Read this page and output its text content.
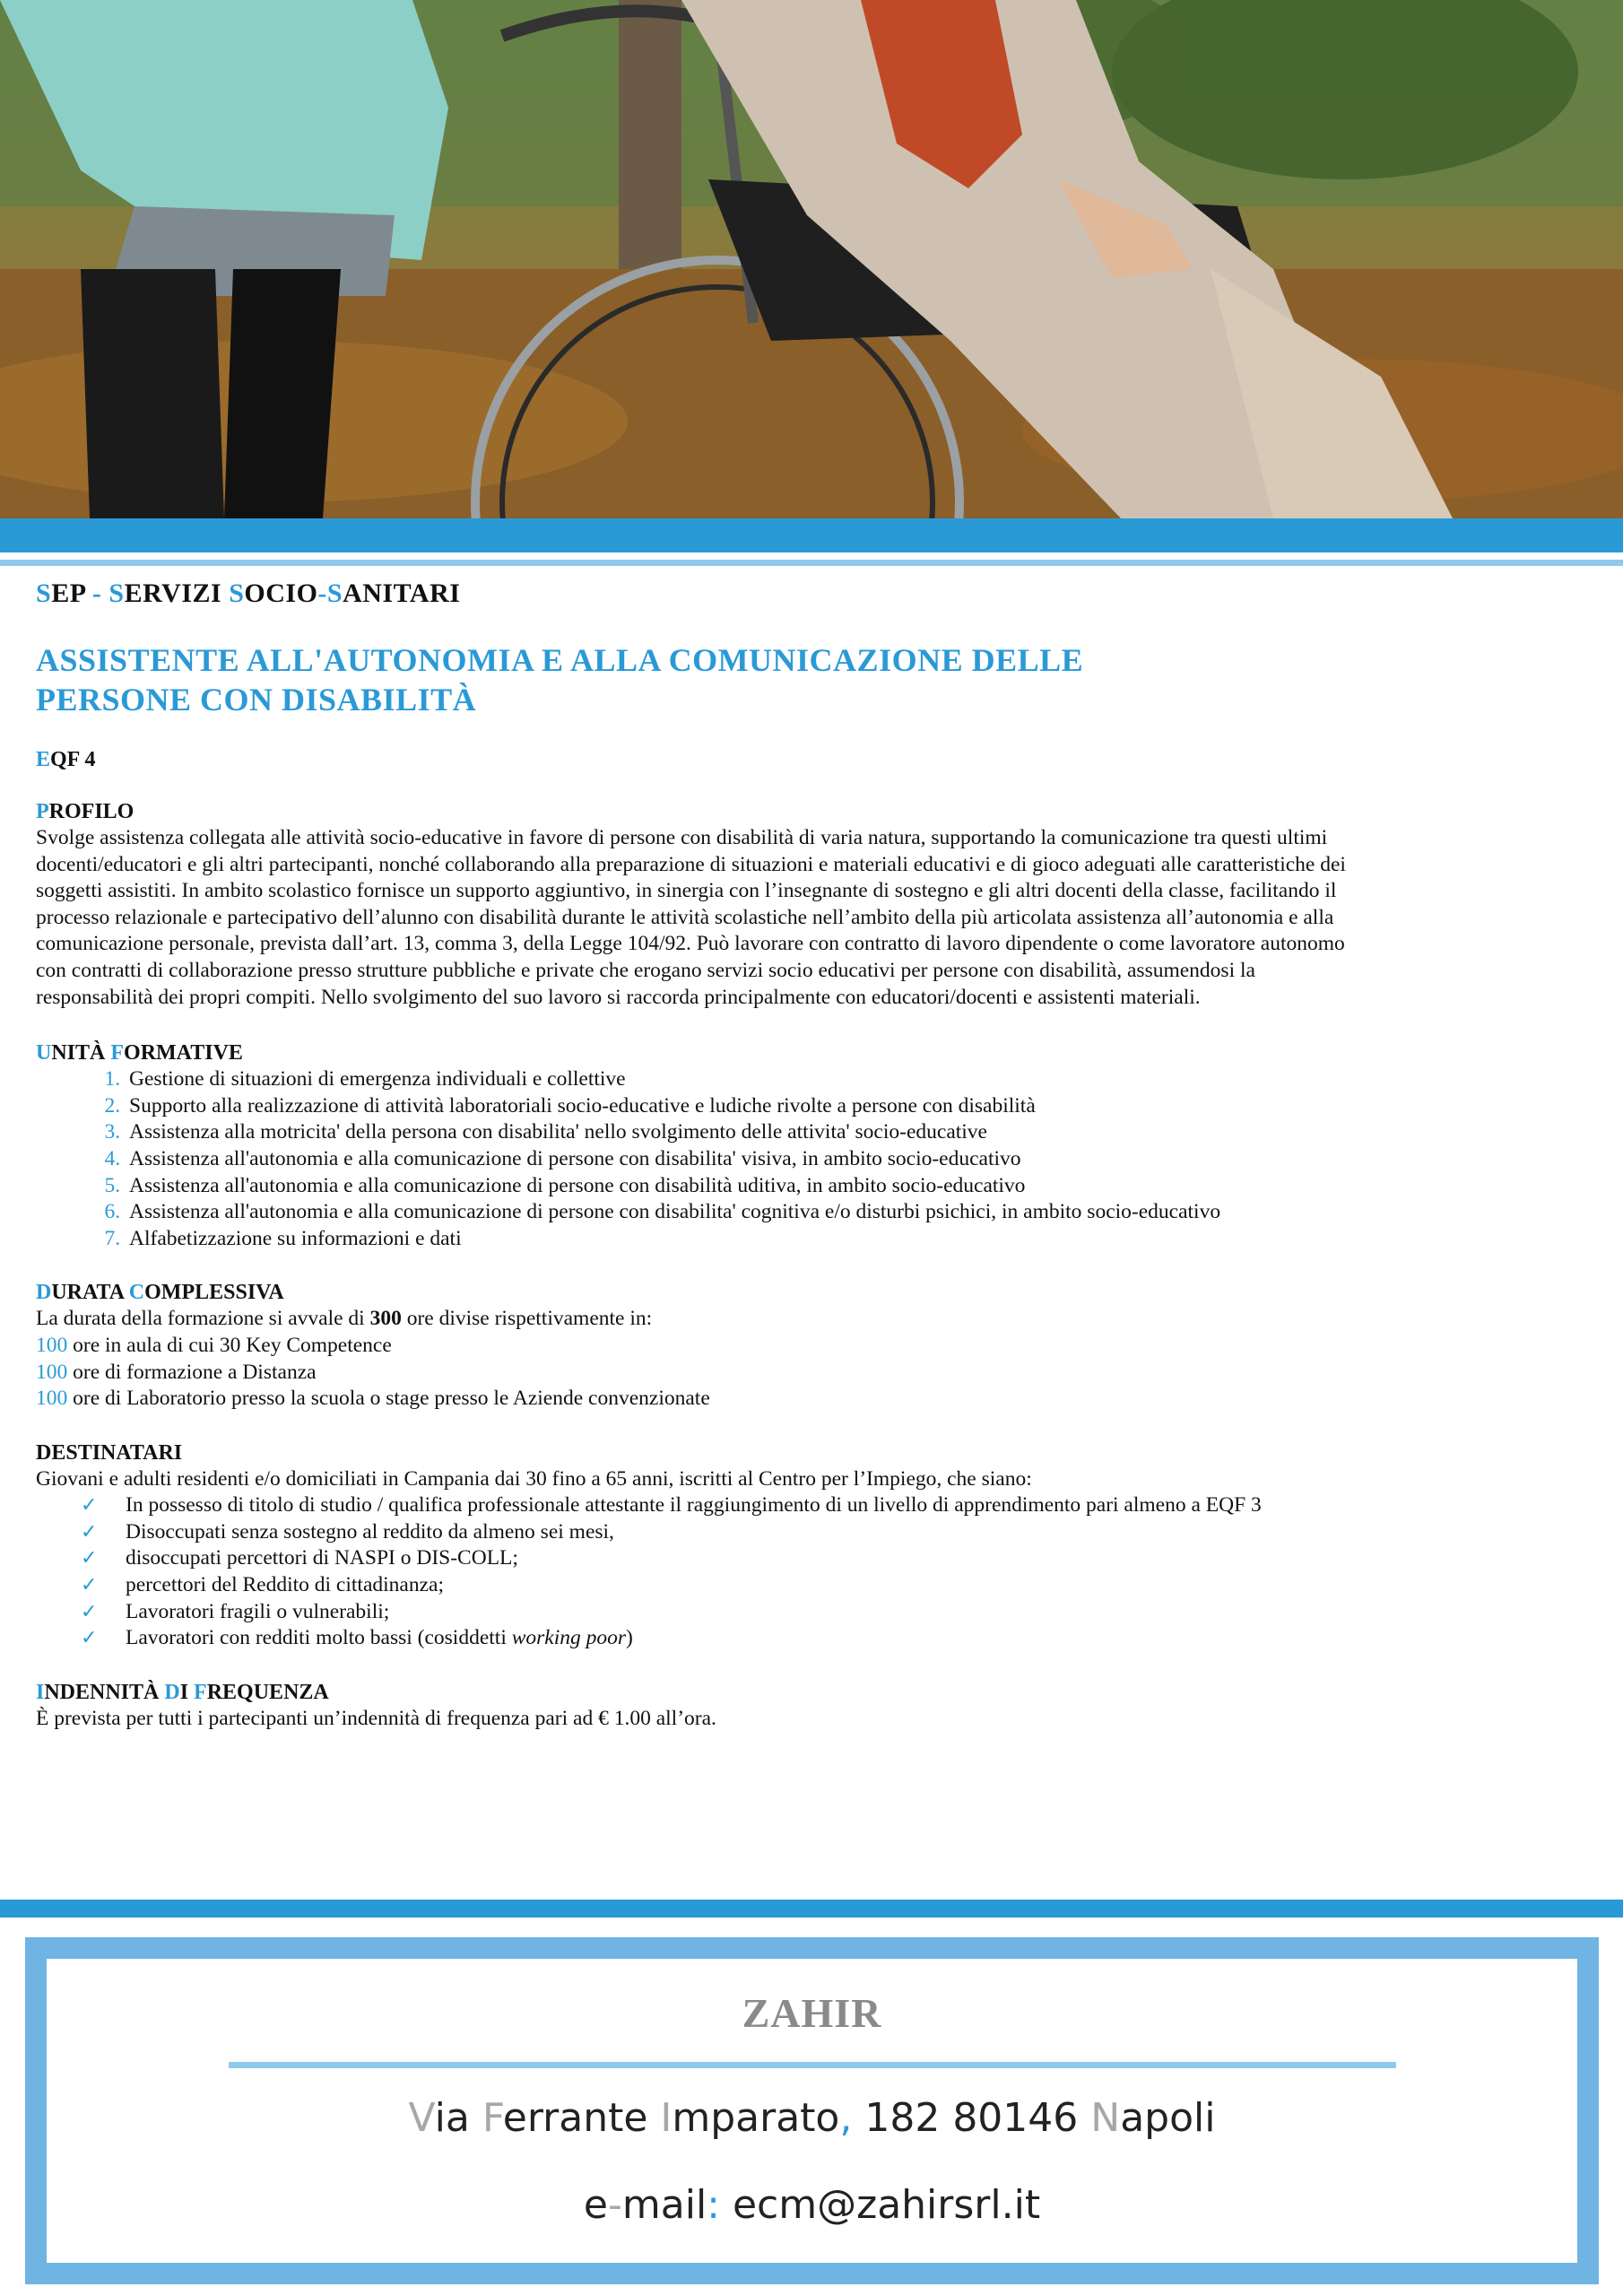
SEP - SERVIZI SOCIO-SANITARI

ASSISTENTE ALL'AUTONOMIA E ALLA COMUNICAZIONE DELLE
PERSONE CON DISABILITÀ

EQF 4

PROFILO

Svolge assistenza collegata alle attività socio-educative in favore di persone con disabilità di varia natura, supportando la comunicazione tra questi ultimi docenti/educatori e gli altri partecipanti, nonché collaborando alla preparazione di situazioni e materiali educativi e di gioco adeguati alle caratteristiche dei soggetti assistiti. In ambito scolastico fornisce un supporto aggiuntivo, in sinergia con l’insegnante di sostegno e gli altri docenti della classe, facilitando il processo relazionale e partecipativo dell’alunno con disabilità durante le attività scolastiche nell’ambito della più articolata assistenza all’autonomia e alla comunicazione personale, prevista dall’art. 13, comma 3, della Legge 104/92. Può lavorare con contratto di lavoro dipendente o come lavoratore autonomo con contratti di collaborazione presso strutture pubbliche e private che erogano servizi socio educativi per persone con disabilità, assumendosi la responsabilità dei propri compiti. Nello svolgimento del suo lavoro si raccorda principalmente con educatori/docenti e assistenti materiali.

UNITÀ FORMATIVE

1. Gestione di situazioni di emergenza individuali e collettive
2. Supporto alla realizzazione di attività laboratoriali socio-educative e ludiche rivolte a persone con disabilità
3. Assistenza alla motricita' della persona con disabilita' nello svolgimento delle attivita' socio-educative
4. Assistenza all'autonomia e alla comunicazione di persone con disabilita' visiva, in ambito socio-educativo
5. Assistenza all'autonomia e alla comunicazione di persone con disabilità uditiva, in ambito socio-educativo
6. Assistenza all'autonomia e alla comunicazione di persone con disabilita' cognitiva e/o disturbi psichici, in ambito socio-educativo
7. Alfabetizzazione su informazioni e dati

DURATA COMPLESSIVA

La durata della formazione si avvale di 300 ore divise rispettivamente in:

100 ore in aula di cui 30 Key Competence

100 ore di formazione a Distanza

100 ore di Laboratorio presso la scuola o stage presso le Aziende convenzionate

DESTINATARI

Giovani e adulti residenti e/o domiciliati in Campania dai 30 fino a 65 anni, iscritti al Centro per l’Impiego, che siano:

✓ In possesso di titolo di studio / qualifica professionale attestante il raggiungimento di un livello di apprendimento pari almeno a EQF 3
✓ Disoccupati senza sostegno al reddito da almeno sei mesi,
✓ disoccupati percettori di NASPI o DIS-COLL;
✓ percettori del Reddito di cittadinanza;
✓ Lavoratori fragili o vulnerabili;
✓ Lavoratori con redditi molto bassi (cosiddetti working poor)

INDENNITÀ DI FREQUENZA

È prevista per tutti i partecipanti un’indennità di frequenza pari ad € 1.00 all’ora.

ZAHIR
Via Ferrante Imparato, 182 80146 Napoli
e-mail: ecm@zahirsrl.it
